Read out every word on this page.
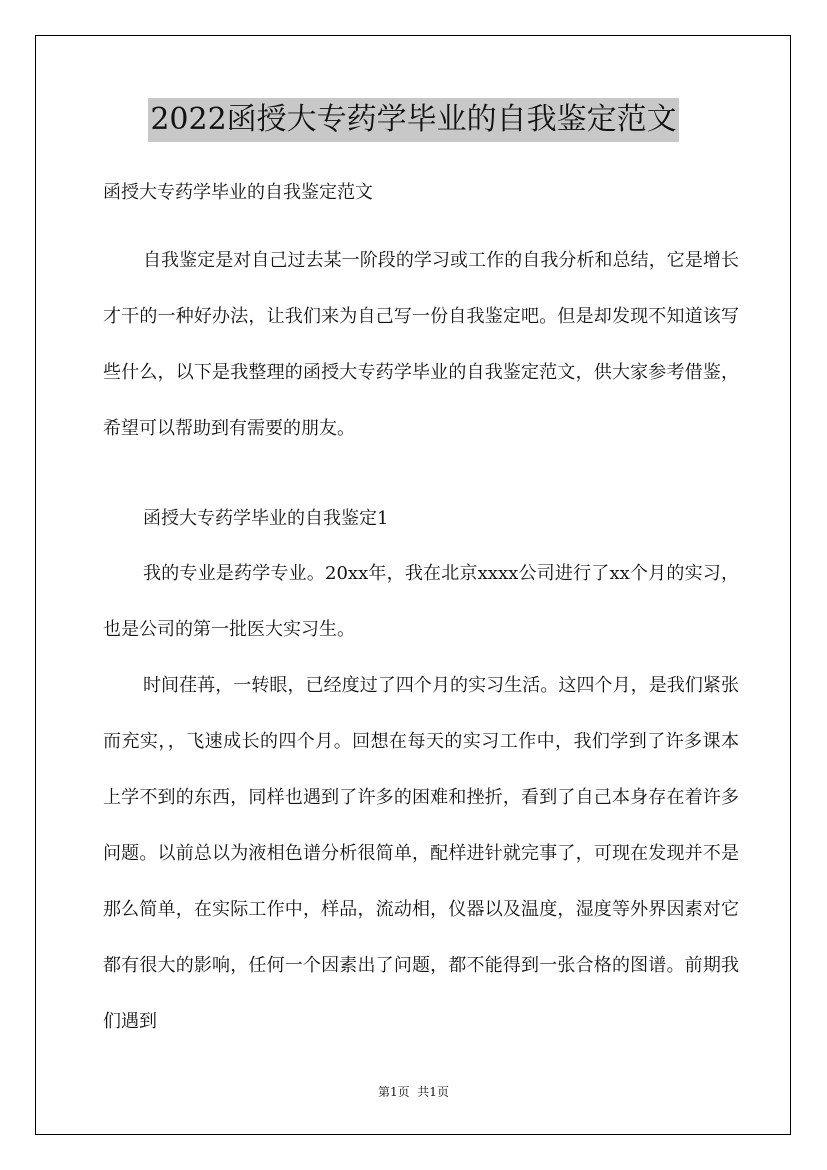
2022函授大专药学毕业的自我鉴定范文
函授大专药学毕业的自我鉴定范文

自我鉴定是对自己过去某一阶段的学习或工作的自我分析和总结，它是增长才干的一种好办法，让我们来为自己写一份自我鉴定吧。但是却发现不知道该写些什么，以下是我整理的函授大专药学毕业的自我鉴定范文，供大家参考借鉴，希望可以帮助到有需要的朋友。

函授大专药学毕业的自我鉴定1

我的专业是药学专业。20xx年，我在北京xxxx公司进行了xx个月的实习，也是公司的第一批医大实习生。

时间荏苒，一转眼，已经度过了四个月的实习生活。这四个月，是我们紧张而充实，，飞速成长的四个月。回想在每天的实习工作中，我们学到了许多课本上学不到的东西，同样也遇到了许多的困难和挫折，看到了自己本身存在着许多问题。以前总以为液相色谱分析很简单，配样进针就完事了，可现在发现并不是那么简单，在实际工作中，样品，流动相，仪器以及温度，湿度等外界因素对它都有很大的影响，任何一个因素出了问题，都不能得到一张合格的图谱。前期我们遇到

第1页  共1页
